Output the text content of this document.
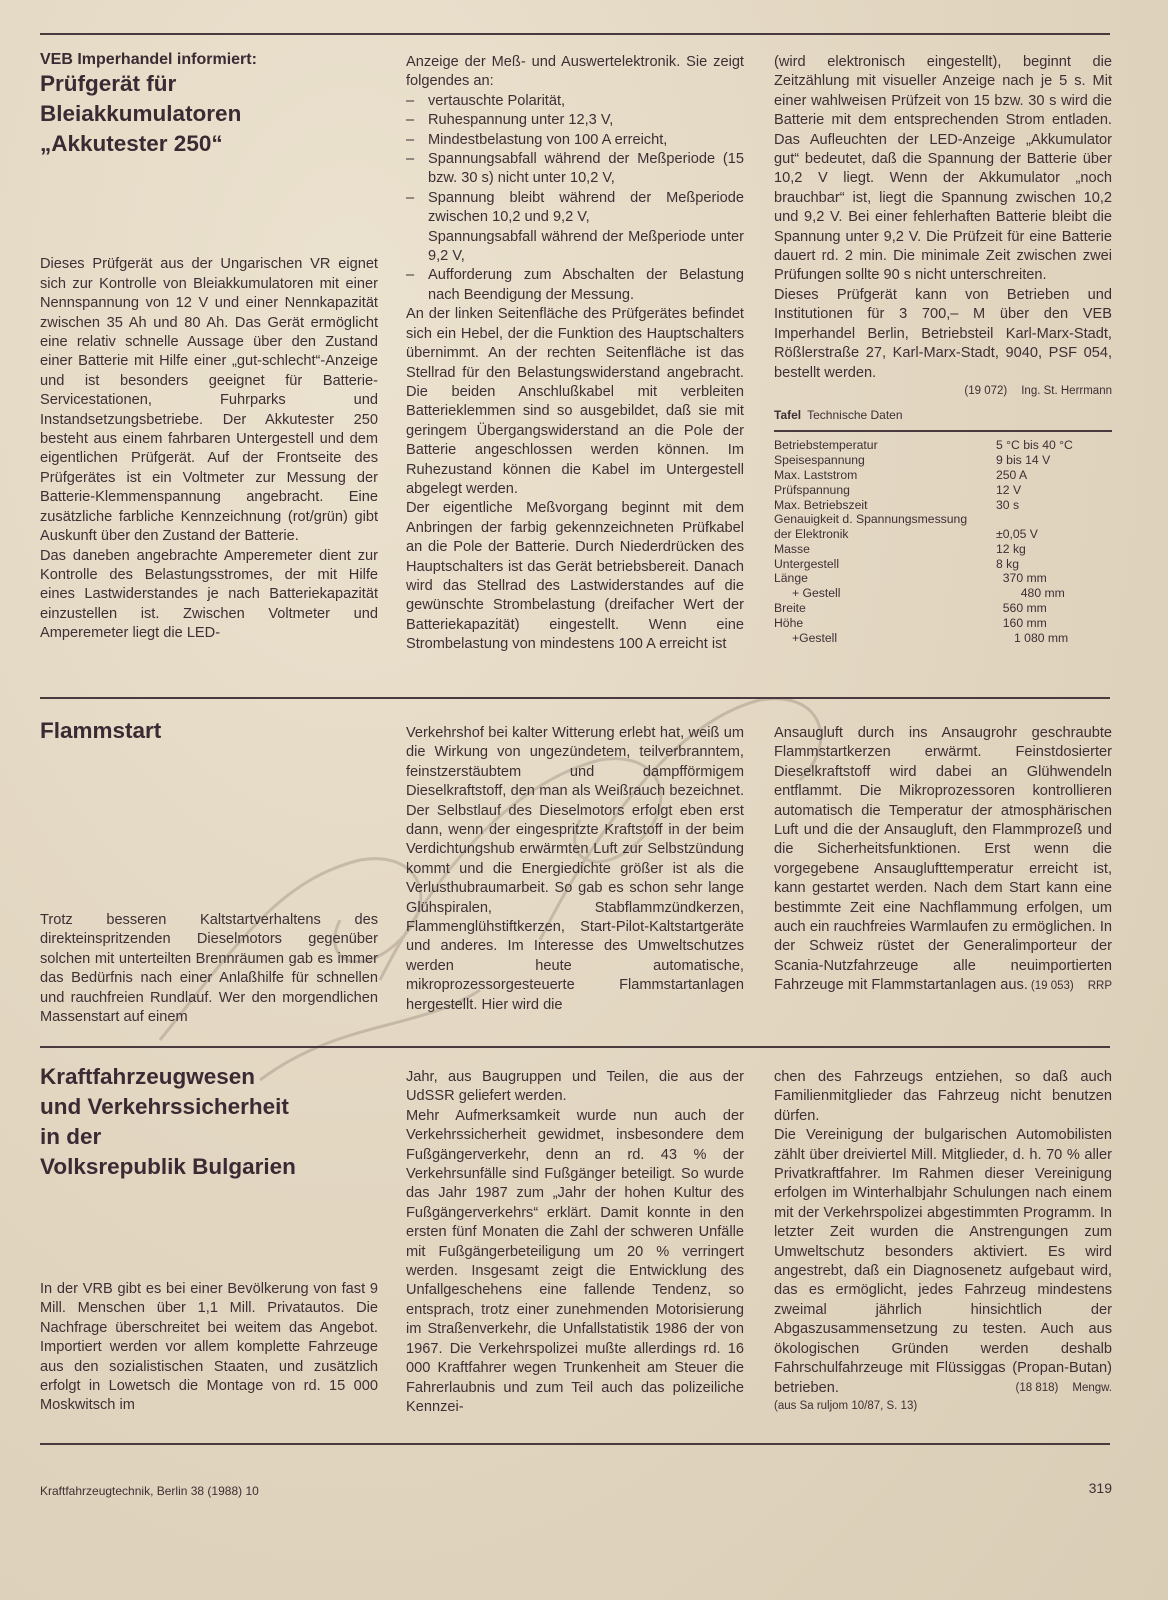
VEB Imperhandel informiert:

Prüfgerät für

Bleiakkumulatoren

„Akkutester 250“

Dieses Prüfgerät aus der Ungarischen VR eignet sich zur Kontrolle von Bleiakkumulatoren mit einer Nennspannung von 12 V und einer Nennkapazität zwischen 35 Ah und 80 Ah. Das Gerät ermöglicht eine relativ schnelle Aussage über den Zustand einer Batterie mit Hilfe einer „gut-schlecht“-Anzeige und ist besonders geeignet für Batterie-Servicestationen, Fuhrparks und Instandsetzungsbetriebe. Der Akkutester 250 besteht aus einem fahrbaren Untergestell und dem eigentlichen Prüfgerät. Auf der Frontseite des Prüfgerätes ist ein Voltmeter zur Messung der Batterie-Klemmenspannung angebracht. Eine zusätzliche farbliche Kennzeichnung (rot/grün) gibt Auskunft über den Zustand der Batterie.

Das daneben angebrachte Amperemeter dient zur Kontrolle des Belastungsstromes, der mit Hilfe eines Lastwiderstandes je nach Batteriekapazität einzustellen ist. Zwischen Voltmeter und Amperemeter liegt die LED-

Anzeige der Meß- und Auswertelektronik. Sie zeigt folgendes an:

– vertauschte Polarität,
– Ruhespannung unter 12,3 V,
– Mindestbelastung von 100 A erreicht,
– Spannungsabfall während der Meßperiode (15 bzw. 30 s) nicht unter 10,2 V,
– Spannung bleibt während der Meßperiode zwischen 10,2 und 9,2 V,

Spannungsabfall während der Meßperiode unter 9,2 V,

– Aufforderung zum Abschalten der Belastung nach Beendigung der Messung.

An der linken Seitenfläche des Prüfgerätes befindet sich ein Hebel, der die Funktion des Hauptschalters übernimmt. An der rechten Seitenfläche ist das Stellrad für den Belastungswiderstand angebracht. Die beiden Anschlußkabel mit verbleiten Batterieklemmen sind so ausgebildet, daß sie mit geringem Übergangswiderstand an die Pole der Batterie angeschlossen werden können. Im Ruhezustand können die Kabel im Untergestell abgelegt werden.

Der eigentliche Meßvorgang beginnt mit dem Anbringen der farbig gekennzeichneten Prüfkabel an die Pole der Batterie. Durch Niederdrücken des Hauptschalters ist das Gerät betriebsbereit. Danach wird das Stellrad des Lastwiderstandes auf die gewünschte Strombelastung (dreifacher Wert der Batteriekapazität) eingestellt. Wenn eine Strombelastung von mindestens 100 A erreicht ist

(wird elektronisch eingestellt), beginnt die Zeitzählung mit visueller Anzeige nach je 5 s. Mit einer wahlweisen Prüfzeit von 15 bzw. 30 s wird die Batterie mit dem entsprechenden Strom entladen. Das Aufleuchten der LED-Anzeige „Akkumulator gut“ bedeutet, daß die Spannung der Batterie über 10,2 V liegt. Wenn der Akkumulator „noch brauchbar“ ist, liegt die Spannung zwischen 10,2 und 9,2 V. Bei einer fehlerhaften Batterie bleibt die Spannung unter 9,2 V. Die Prüfzeit für eine Batterie dauert rd. 2 min. Die minimale Zeit zwischen zwei Prüfungen sollte 90 s nicht unterschreiten.

Dieses Prüfgerät kann von Betrieben und Institutionen für 3 700,– M über den VEB Imperhandel Berlin, Betriebsteil Karl-Marx-Stadt, Rößlerstraße 27, Karl-Marx-Stadt, 9040, PSF 054, bestellt werden.

(19 072) Ing. St. Herrmann
Tafel Technische Daten
Betriebstemperatur	5 °C bis 40 °C
Speisespannung	9 bis 14 V
Max. Laststrom	250 A
Prüfspannung	12 V
Max. Betriebszeit	30 s
Genauigkeit d. Spannungsmessung
der Elektronik	±0,05 V
Masse	12 kg
Untergestell	8 kg
Länge	370 mm
+ Gestell	480 mm
Breite	560 mm
Höhe	160 mm
+Gestell	1 080 mm

Flammstart

Trotz besseren Kaltstartverhaltens des direkteinspritzenden Dieselmotors gegenüber solchen mit unterteilten Brennräumen gab es immer das Bedürfnis nach einer Anlaßhilfe für schnellen und rauchfreien Rundlauf. Wer den morgendlichen Massenstart auf einem

Verkehrshof bei kalter Witterung erlebt hat, weiß um die Wirkung von ungezündetem, teilverbranntem, feinstzerstäubtem und dampfförmigem Dieselkraftstoff, den man als Weißrauch bezeichnet. Der Selbstlauf des Dieselmotors erfolgt eben erst dann, wenn der eingespritzte Kraftstoff in der beim Verdichtungshub erwärmten Luft zur Selbstzündung kommt und die Energiedichte größer ist als die Verlusthubraumarbeit. So gab es schon sehr lange Glühspiralen, Stabflammzündkerzen, Flammenglühstiftkerzen, Start-Pilot-Kaltstartgeräte und anderes. Im Interesse des Umweltschutzes werden heute automatische, mikroprozessorgesteuerte Flammstartanlagen hergestellt. Hier wird die

Ansaugluft durch ins Ansaugrohr geschraubte Flammstartkerzen erwärmt. Feinstdosierter Dieselkraftstoff wird dabei an Glühwendeln entflammt. Die Mikroprozessoren kontrollieren automatisch die Temperatur der atmosphärischen Luft und die der Ansaugluft, den Flammprozeß und die Sicherheitsfunktionen. Erst wenn die vorgegebene Ansauglufttemperatur erreicht ist, kann gestartet werden. Nach dem Start kann eine bestimmte Zeit eine Nachflammung erfolgen, um auch ein rauchfreies Warmlaufen zu ermöglichen. In der Schweiz rüstet der Generalimporteur der Scania-Nutzfahrzeuge alle neuimportierten Fahrzeuge mit Flammstartanlagen aus. (19 053) RRP

Kraftfahrzeugwesen

und Verkehrssicherheit

in der

Volksrepublik Bulgarien

In der VRB gibt es bei einer Bevölkerung von fast 9 Mill. Menschen über 1,1 Mill. Privatautos. Die Nachfrage überschreitet bei weitem das Angebot. Importiert werden vor allem komplette Fahrzeuge aus den sozialistischen Staaten, und zusätzlich erfolgt in Lowetsch die Montage von rd. 15 000 Moskwitsch im

Jahr, aus Baugruppen und Teilen, die aus der UdSSR geliefert werden.

Mehr Aufmerksamkeit wurde nun auch der Verkehrssicherheit gewidmet, insbesondere dem Fußgängerverkehr, denn an rd. 43 % der Verkehrsunfälle sind Fußgänger beteiligt. So wurde das Jahr 1987 zum „Jahr der hohen Kultur des Fußgängerverkehrs“ erklärt. Damit konnte in den ersten fünf Monaten die Zahl der schweren Unfälle mit Fußgängerbeteiligung um 20 % verringert werden. Insgesamt zeigt die Entwicklung des Unfallgeschehens eine fallende Tendenz, so entsprach, trotz einer zunehmenden Motorisierung im Straßenverkehr, die Unfallstatistik 1986 der von 1967. Die Verkehrspolizei mußte allerdings rd. 16 000 Kraftfahrer wegen Trunkenheit am Steuer die Fahrerlaubnis und zum Teil auch das polizeiliche Kennzei-

chen des Fahrzeugs entziehen, so daß auch Familienmitglieder das Fahrzeug nicht benutzen dürfen.

Die Vereinigung der bulgarischen Automobilisten zählt über dreiviertel Mill. Mitglieder, d. h. 70 % aller Privatkraftfahrer. Im Rahmen dieser Vereinigung erfolgen im Winterhalbjahr Schulungen nach einem mit der Verkehrspolizei abgestimmten Programm. In letzter Zeit wurden die Anstrengungen zum Umweltschutz besonders aktiviert. Es wird angestrebt, daß ein Diagnosenetz aufgebaut wird, das es ermöglicht, jedes Fahrzeug mindestens zweimal jährlich hinsichtlich der Abgaszusammensetzung zu testen. Auch aus ökologischen Gründen werden deshalb Fahrschulfahrzeuge mit Flüssiggas (Propan-Butan) betrieben.	(18 818) Mengw.
(aus Sa ruljom 10/87, S. 13)
Kraftfahrzeugtechnik, Berlin 38 (1988) 10	319
